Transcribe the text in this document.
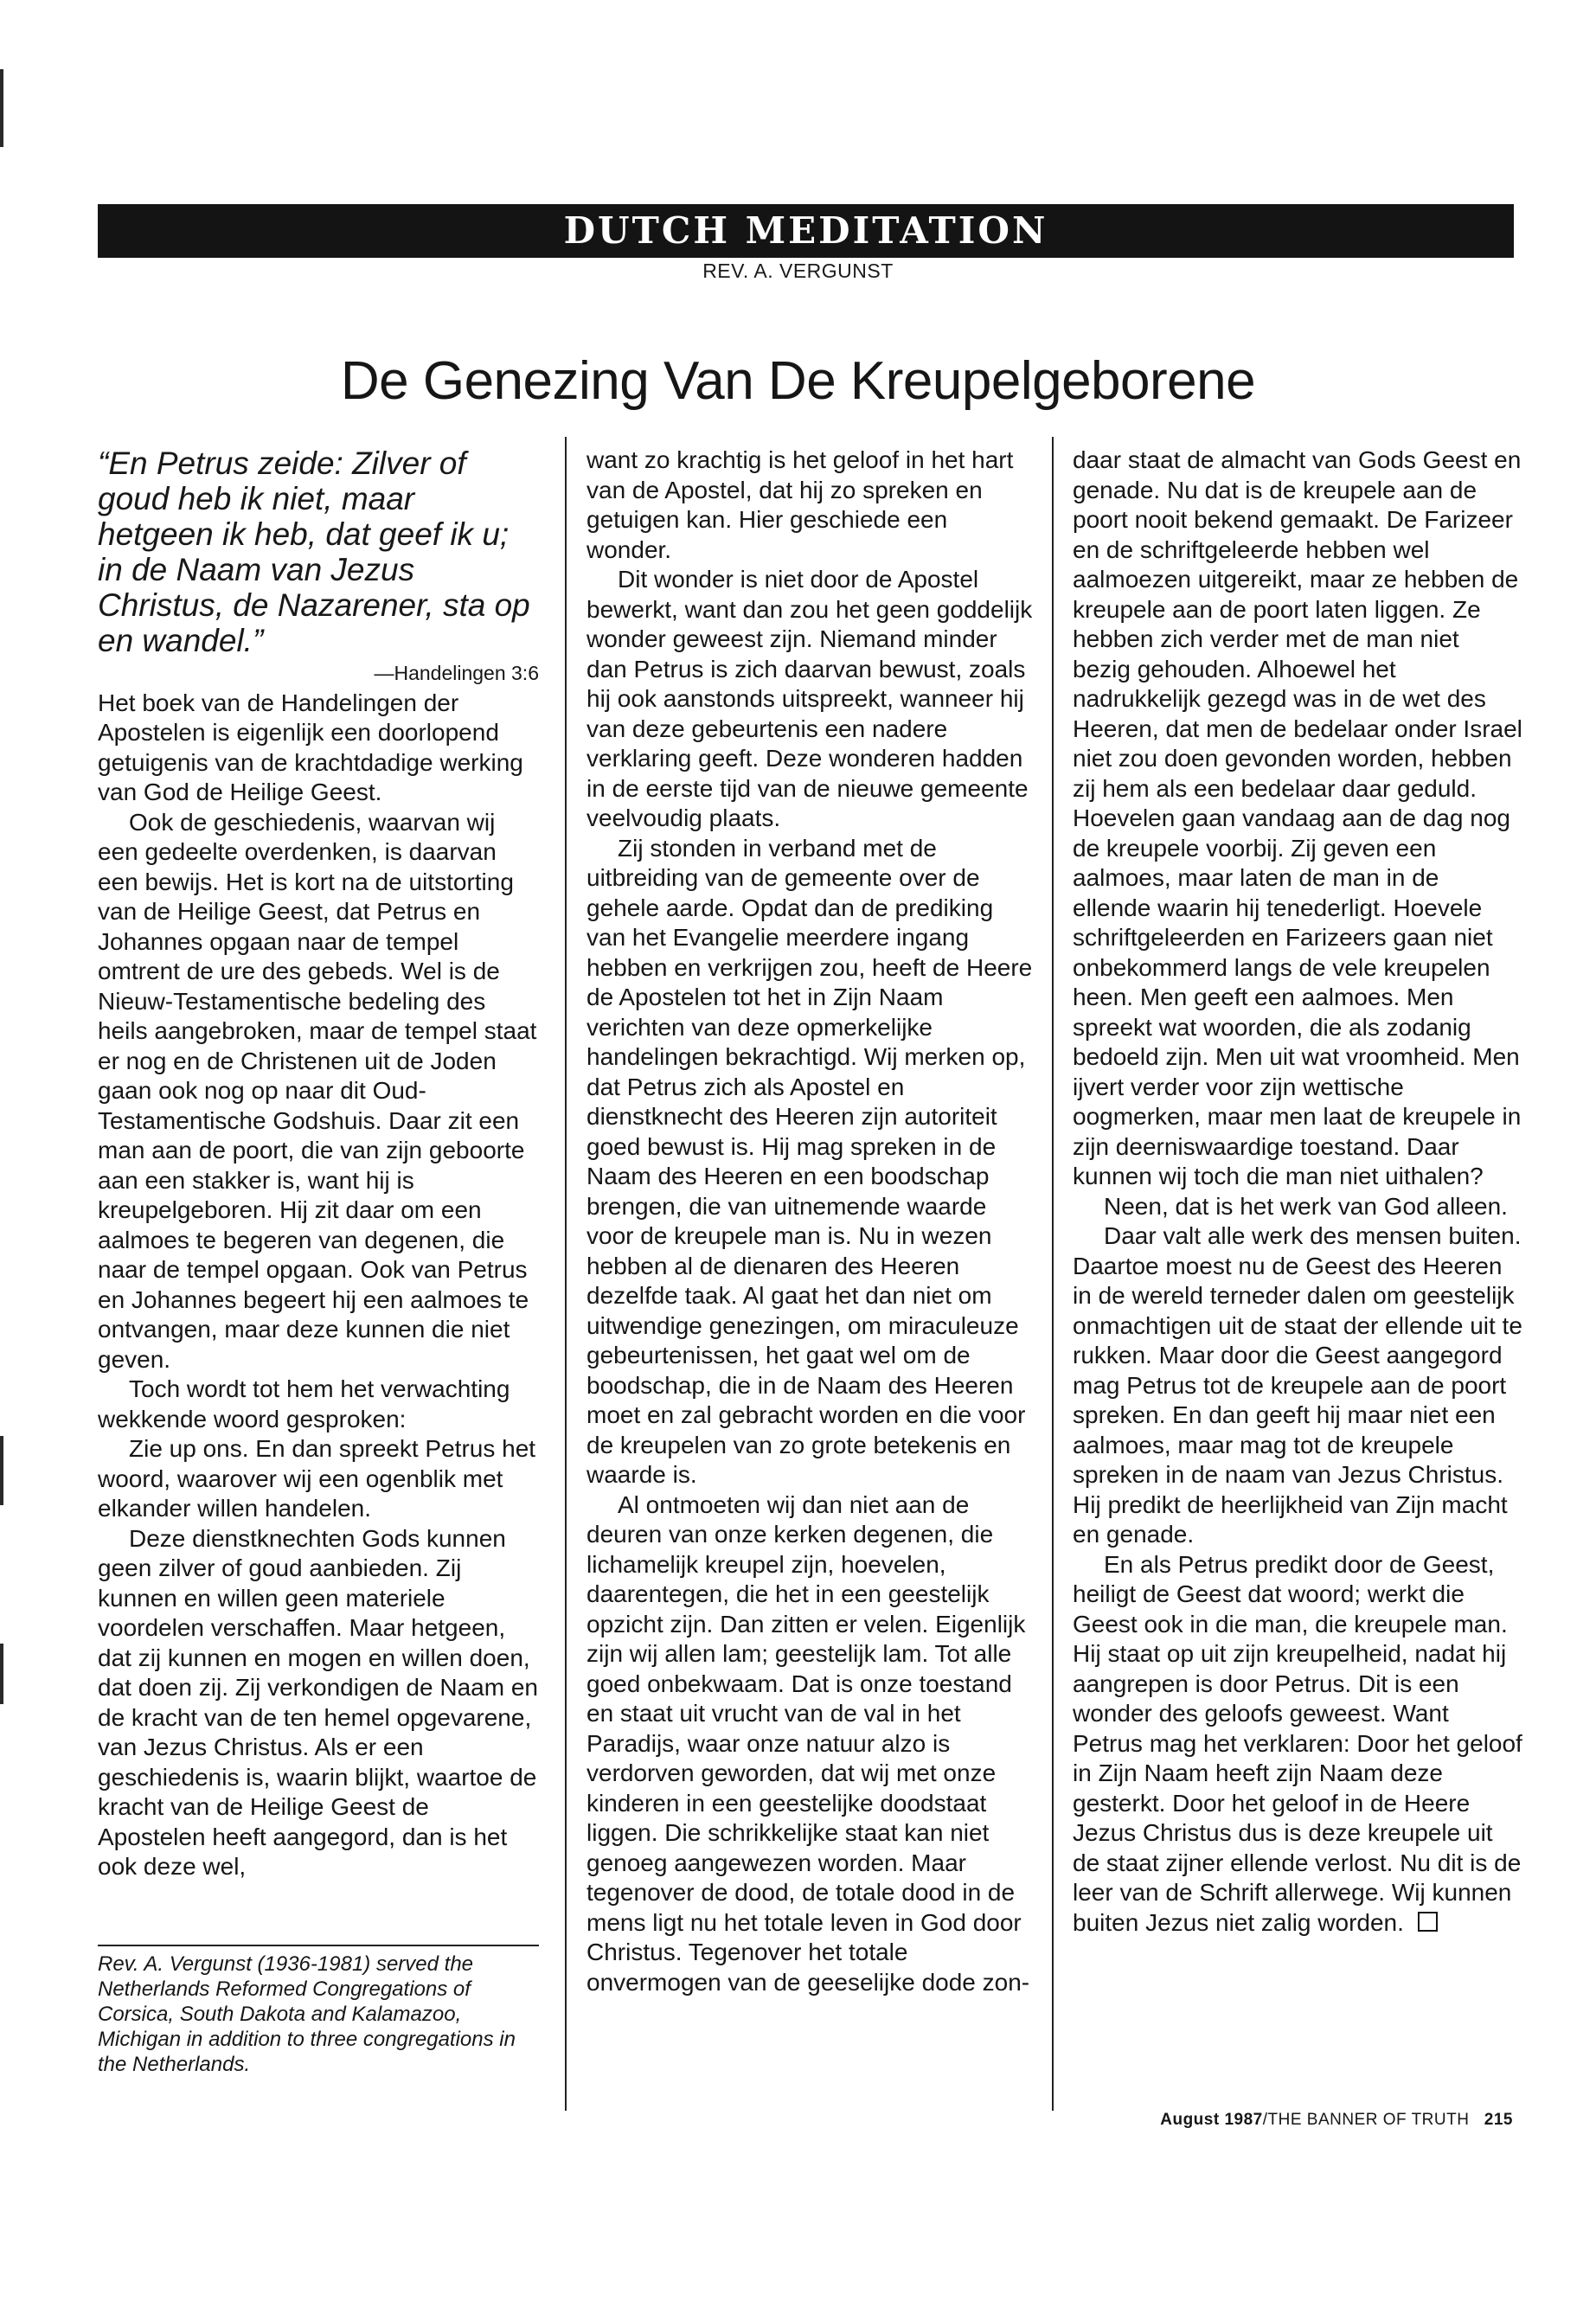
DUTCH MEDITATION
REV. A. VERGUNST
De Genezing Van De Kreupelgeborene

“En Petrus zeide: Zilver of goud heb ik niet, maar hetgeen ik heb, dat geef ik u; in de Naam van Jezus Christus, de Nazarener, sta op en wandel.”

—Handelingen 3:6

Het boek van de Handelingen der Apostelen is eigenlijk een doorlopend getuigenis van de krachtdadige werking van God de Heilige Geest.

Ook de geschiedenis, waarvan wij een gedeelte overdenken, is daarvan een bewijs. Het is kort na de uitstorting van de Heilige Geest, dat Petrus en Johannes opgaan naar de tempel omtrent de ure des gebeds. Wel is de Nieuw-Testamentische bedeling des heils aangebroken, maar de tempel staat er nog en de Christenen uit de Joden gaan ook nog op naar dit Oud-Testamentische Godshuis. Daar zit een man aan de poort, die van zijn geboorte aan een stakker is, want hij is kreupelgeboren. Hij zit daar om een aalmoes te begeren van degenen, die naar de tempel opgaan. Ook van Petrus en Johannes begeert hij een aalmoes te ontvangen, maar deze kunnen die niet geven.

Toch wordt tot hem het verwachting wekkende woord gesproken:

Zie up ons. En dan spreekt Petrus het woord, waarover wij een ogenblik met elkander willen handelen.

Deze dienstknechten Gods kunnen geen zilver of goud aanbieden. Zij kunnen en willen geen materiele voordelen verschaffen. Maar hetgeen, dat zij kunnen en mogen en willen doen, dat doen zij. Zij verkondigen de Naam en de kracht van de ten hemel opgevarene, van Jezus Christus. Als er een geschiedenis is, waarin blijkt, waartoe de kracht van de Heilige Geest de Apostelen heeft aangegord, dan is het ook deze wel,

Rev. A. Vergunst (1936-1981) served the Netherlands Reformed Congregations of Corsica, South Dakota and Kalamazoo, Michigan in addition to three congregations in the Netherlands.

want zo krachtig is het geloof in het hart van de Apostel, dat hij zo spreken en getuigen kan. Hier geschiede een wonder.

Dit wonder is niet door de Apostel bewerkt, want dan zou het geen goddelijk wonder geweest zijn. Niemand minder dan Petrus is zich daarvan bewust, zoals hij ook aanstonds uitspreekt, wanneer hij van deze gebeurtenis een nadere verklaring geeft. Deze wonderen hadden in de eerste tijd van de nieuwe gemeente veelvoudig plaats.

Zij stonden in verband met de uitbreiding van de gemeente over de gehele aarde. Opdat dan de prediking van het Evangelie meerdere ingang hebben en verkrijgen zou, heeft de Heere de Apostelen tot het in Zijn Naam verichten van deze opmerkelijke handelingen bekrachtigd. Wij merken op, dat Petrus zich als Apostel en dienstknecht des Heeren zijn autoriteit goed bewust is. Hij mag spreken in de Naam des Heeren en een boodschap brengen, die van uitnemende waarde voor de kreupele man is. Nu in wezen hebben al de dienaren des Heeren dezelfde taak. Al gaat het dan niet om uitwendige genezingen, om miraculeuze gebeurtenissen, het gaat wel om de boodschap, die in de Naam des Heeren moet en zal gebracht worden en die voor de kreupelen van zo grote betekenis en waarde is.

Al ontmoeten wij dan niet aan de deuren van onze kerken degenen, die lichamelijk kreupel zijn, hoevelen, daarentegen, die het in een geestelijk opzicht zijn. Dan zitten er velen. Eigenlijk zijn wij allen lam; geestelijk lam. Tot alle goed onbekwaam. Dat is onze toestand en staat uit vrucht van de val in het Paradijs, waar onze natuur alzo is verdorven geworden, dat wij met onze kinderen in een geestelijke doodstaat liggen. Die schrikkelijke staat kan niet genoeg aangewezen worden. Maar tegenover de dood, de totale dood in de mens ligt nu het totale leven in God door Christus. Tegenover het totale onvermogen van de geeselijke dode zon-

daar staat de almacht van Gods Geest en genade. Nu dat is de kreupele aan de poort nooit bekend gemaakt. De Farizeer en de schriftgeleerde hebben wel aalmoezen uitgereikt, maar ze hebben de kreupele aan de poort laten liggen. Ze hebben zich verder met de man niet bezig gehouden. Alhoewel het nadrukkelijk gezegd was in de wet des Heeren, dat men de bedelaar onder Israel niet zou doen gevonden worden, hebben zij hem als een bedelaar daar geduld. Hoevelen gaan vandaag aan de dag nog de kreupele voorbij. Zij geven een aalmoes, maar laten de man in de ellende waarin hij tenederligt. Hoevele schriftgeleerden en Farizeers gaan niet onbekommerd langs de vele kreupelen heen. Men geeft een aalmoes. Men spreekt wat woorden, die als zodanig bedoeld zijn. Men uit wat vroomheid. Men ijvert verder voor zijn wettische oogmerken, maar men laat de kreupele in zijn deerniswaardige toestand. Daar kunnen wij toch die man niet uithalen?

Neen, dat is het werk van God alleen.

Daar valt alle werk des mensen buiten. Daartoe moest nu de Geest des Heeren in de wereld terneder dalen om geestelijk onmachtigen uit de staat der ellende uit te rukken. Maar door die Geest aangegord mag Petrus tot de kreupele aan de poort spreken. En dan geeft hij maar niet een aalmoes, maar mag tot de kreupele spreken in de naam van Jezus Christus. Hij predikt de heerlijkheid van Zijn macht en genade.

En als Petrus predikt door de Geest, heiligt de Geest dat woord; werkt die Geest ook in die man, die kreupele man. Hij staat op uit zijn kreupelheid, nadat hij aangrepen is door Petrus. Dit is een wonder des geloofs geweest. Want Petrus mag het verklaren: Door het geloof in Zijn Naam heeft zijn Naam deze gesterkt. Door het geloof in de Heere Jezus Christus dus is deze kreupele uit de staat zijner ellende verlost. Nu dit is de leer van de Schrift allerwege. Wij kunnen buiten Jezus niet zalig worden.

August 1987/THE BANNER OF TRUTH 215
